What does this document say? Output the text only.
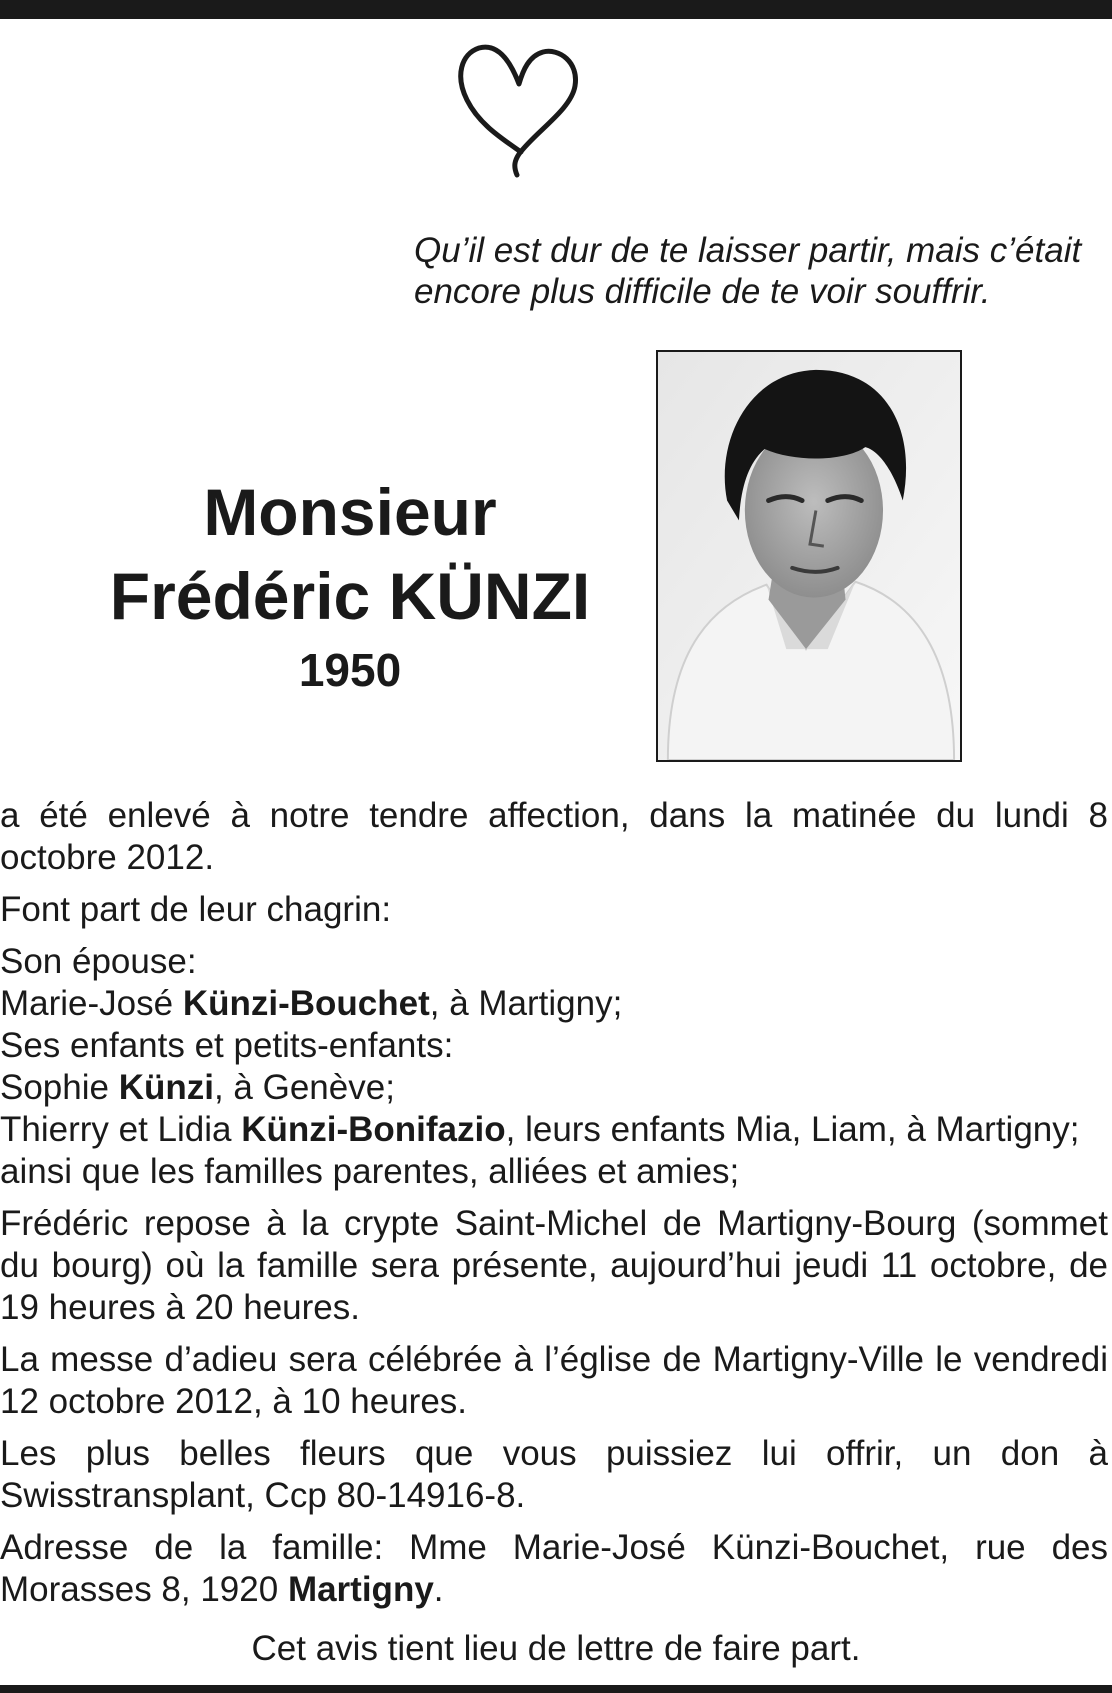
Qu’il est dur de te laisser partir, mais c’était encore plus difficile de te voir souffrir.
Monsieur
Frédéric KÜNZI
1950

a été enlevé à notre tendre affection, dans la matinée du lundi 8 octobre 2012.

Font part de leur chagrin:

Son épouse:

Marie-José Künzi-Bouchet, à Martigny;

Ses enfants et petits-enfants:

Sophie Künzi, à Genève;

Thierry et Lidia Künzi-Bonifazio, leurs enfants Mia, Liam, à Martigny;

ainsi que les familles parentes, alliées et amies;

Frédéric repose à la crypte Saint-Michel de Martigny-Bourg (sommet du bourg) où la famille sera présente, aujourd’hui jeudi 11 octobre, de 19 heures à 20 heures.

La messe d’adieu sera célébrée à l’église de Martigny-Ville le vendredi 12 octobre 2012, à 10 heures.

Les plus belles fleurs que vous puissiez lui offrir, un don à Swisstransplant, Ccp 80-14916-8.

Adresse de la famille: Mme Marie-José Künzi-Bouchet, rue des Morasses 8, 1920 Martigny.

Cet avis tient lieu de lettre de faire part.
